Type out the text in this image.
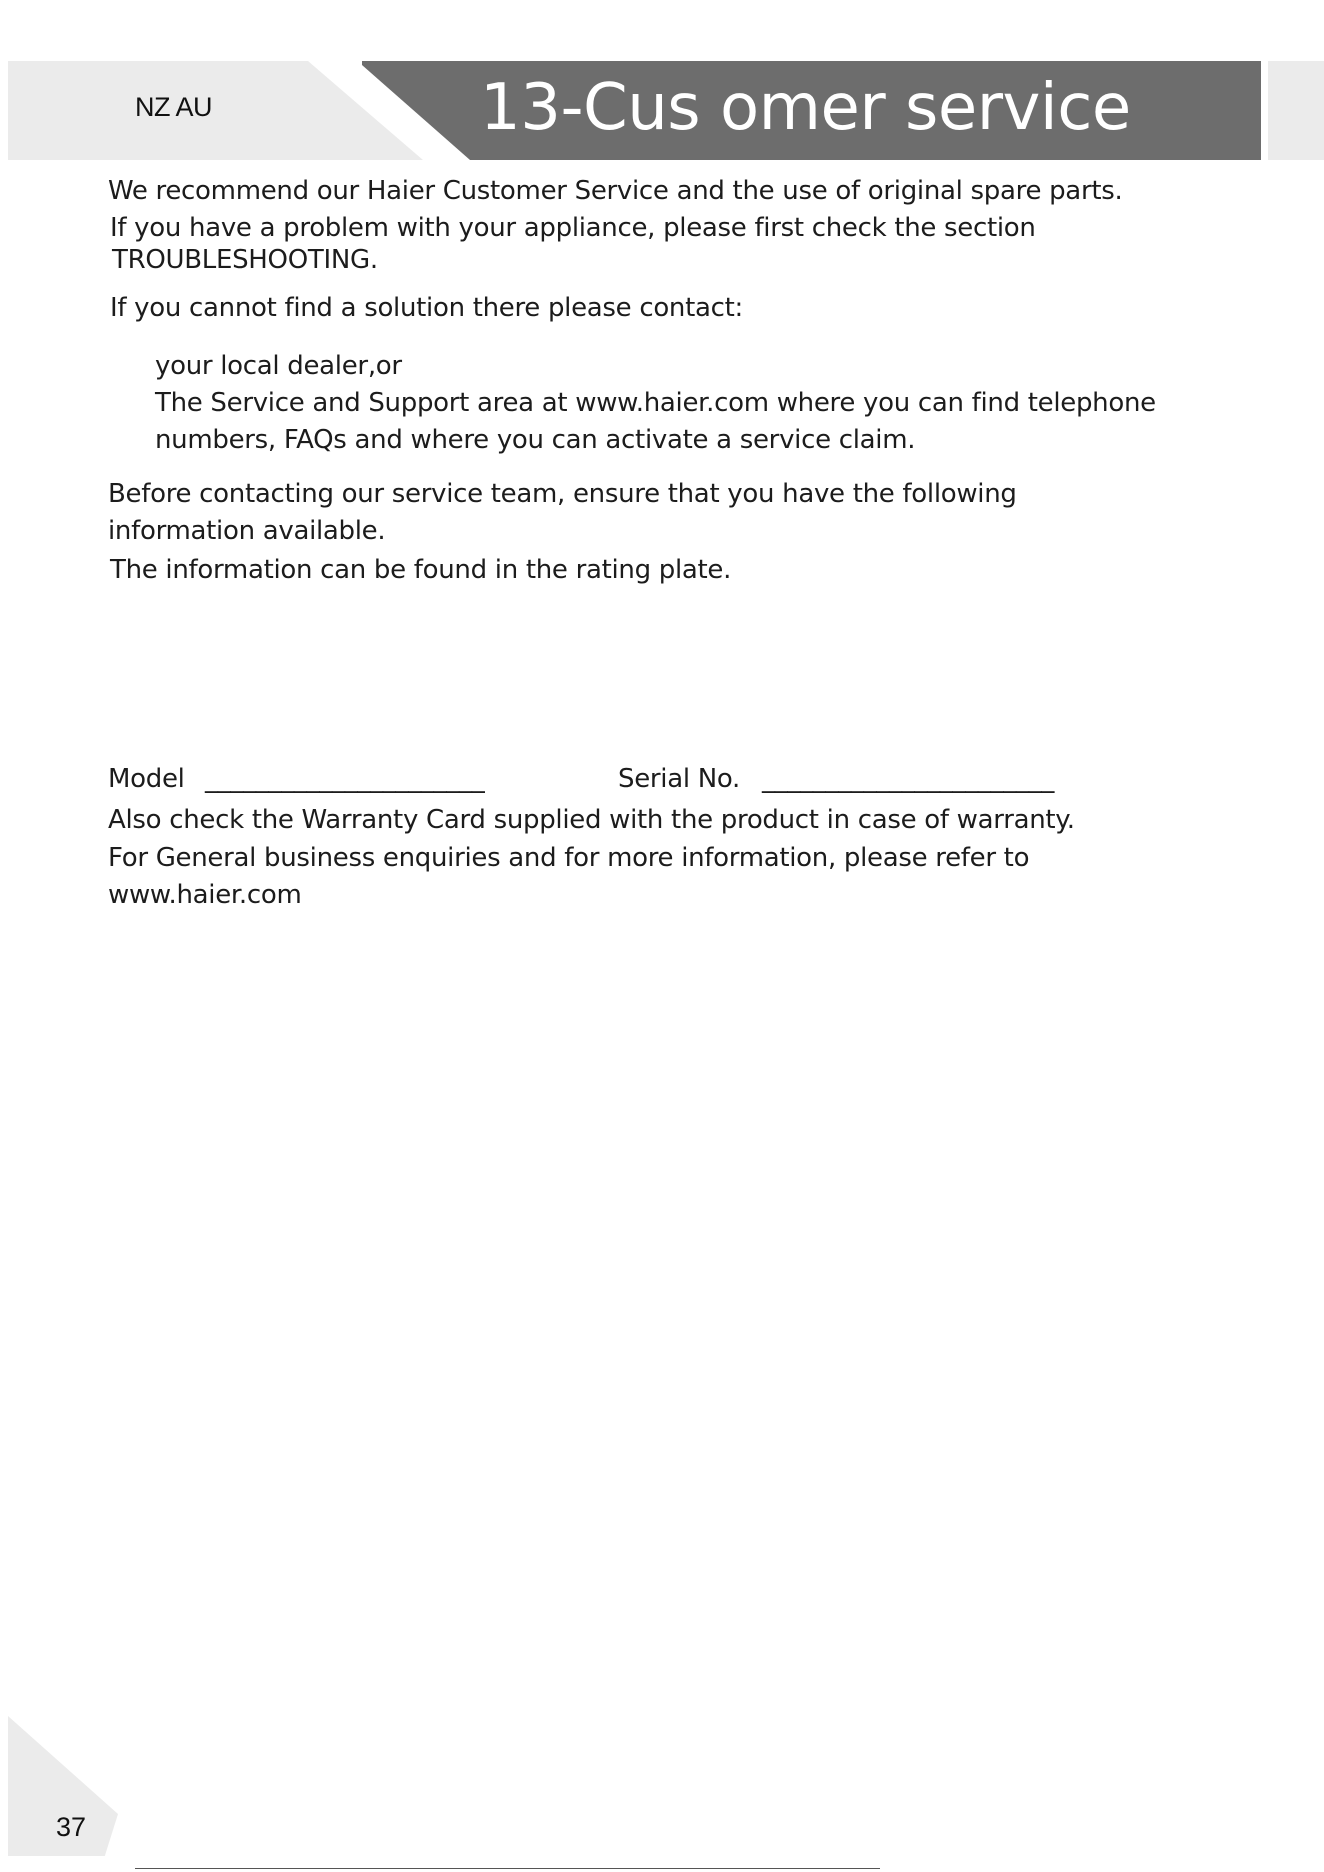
NZ AU	13-Cus omer service

We recommend our Haier Customer Service and the use of original spare parts.

If you have a problem with your appliance, please first check the section

TROUBLESHOOTING.

If you cannot find a solution there please contact:

your local dealer,or

The Service and Support area at www.haier.com where you can find telephone

numbers, FAQs and where you can activate a service claim.

Before contacting our service team, ensure that you have the following

information available.

The information can be found in the rating plate.

Model ______________________	Serial No. _______________________

Also check the Warranty Card supplied with the product in case of warranty.

For General business enquiries and for more information, please refer to

www.haier.com

37
